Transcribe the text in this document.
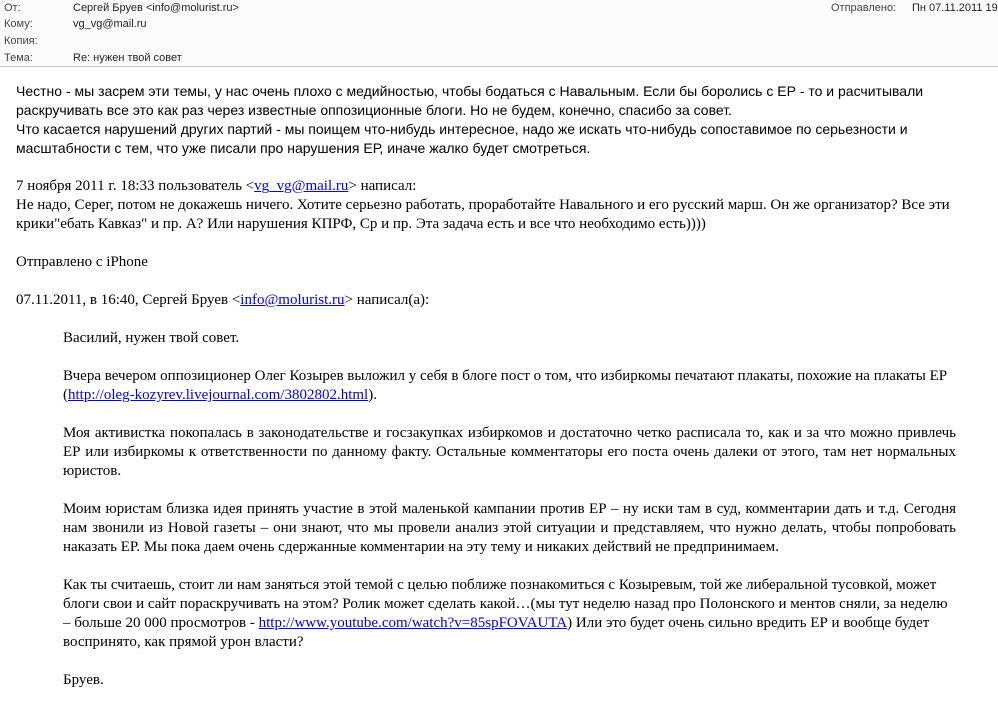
От:	Сергей Бруев <info@molurist.ru>	Отправлено: Пн 07.11.2011 19
Кому:	vg_vg@mail.ru
Копия:
Тема:	Re: нужен твой совет

Честно - мы засрем эти темы, у нас очень плохо с медийностью, чтобы бодаться с Навальным. Если бы боролись с ЕР - то и расчитывали раскручивать все это как раз через известные оппозиционные блоги. Но не будем, конечно, спасибо за совет.

Что касается нарушений других партий - мы поищем что-нибудь интересное, надо же искать что-нибудь сопоставимое по серьезности и масштабности с тем, что уже писали про нарушения ЕР, иначе жалко будет смотреться.

7 ноября 2011 г. 18:33 пользователь <vg_vg@mail.ru> написал:

Не надо, Серег, потом не докажешь ничего. Хотите серьезно работать, проработайте Навального и его русский марш. Он же организатор? Все эти крики"ебать Кавказ" и пр. А? Или нарушения КПРФ, Ср и пр. Эта задача есть и все что необходимо есть))))

Отправлено с iPhone

07.11.2011, в 16:40, Сергей Бруев <info@molurist.ru> написал(а):

Василий, нужен твой совет.

Вчера вечером оппозиционер Олег Козырев выложил у себя в блоге пост о том, что избиркомы печатают плакаты, похожие на плакаты ЕР (http://oleg-kozyrev.livejournal.com/3802802.html).

Моя активистка покопалась в законодательстве и госзакупках избиркомов и достаточно четко расписала то, как и за что можно привлечь ЕР или избиркомы к ответственности по данному факту. Остальные комментаторы его поста очень далеки от этого, там нет нормальных юристов.

Моим юристам близка идея принять участие в этой маленькой кампании против ЕР – ну иски там в суд, комментарии дать и т.д. Сегодня нам звонили из Новой газеты – они знают, что мы провели анализ этой ситуации и представляем, что нужно делать, чтобы попробовать наказать ЕР. Мы пока даем очень сдержанные комментарии на эту тему и никаких действий не предпринимаем.

Как ты считаешь, стоит ли нам заняться этой темой с целью поближе познакомиться с Козыревым, той же либеральной тусовкой, может блоги свои и сайт пораскручивать на этом? Ролик может сделать какой…(мы тут неделю назад про Полонского и ментов сняли, за неделю – больше 20 000 просмотров - http://www.youtube.com/watch?v=85spFOVAUTA) Или это будет очень сильно вредить ЕР и вообще будет воспринято, как прямой урон власти?

Бруев.
